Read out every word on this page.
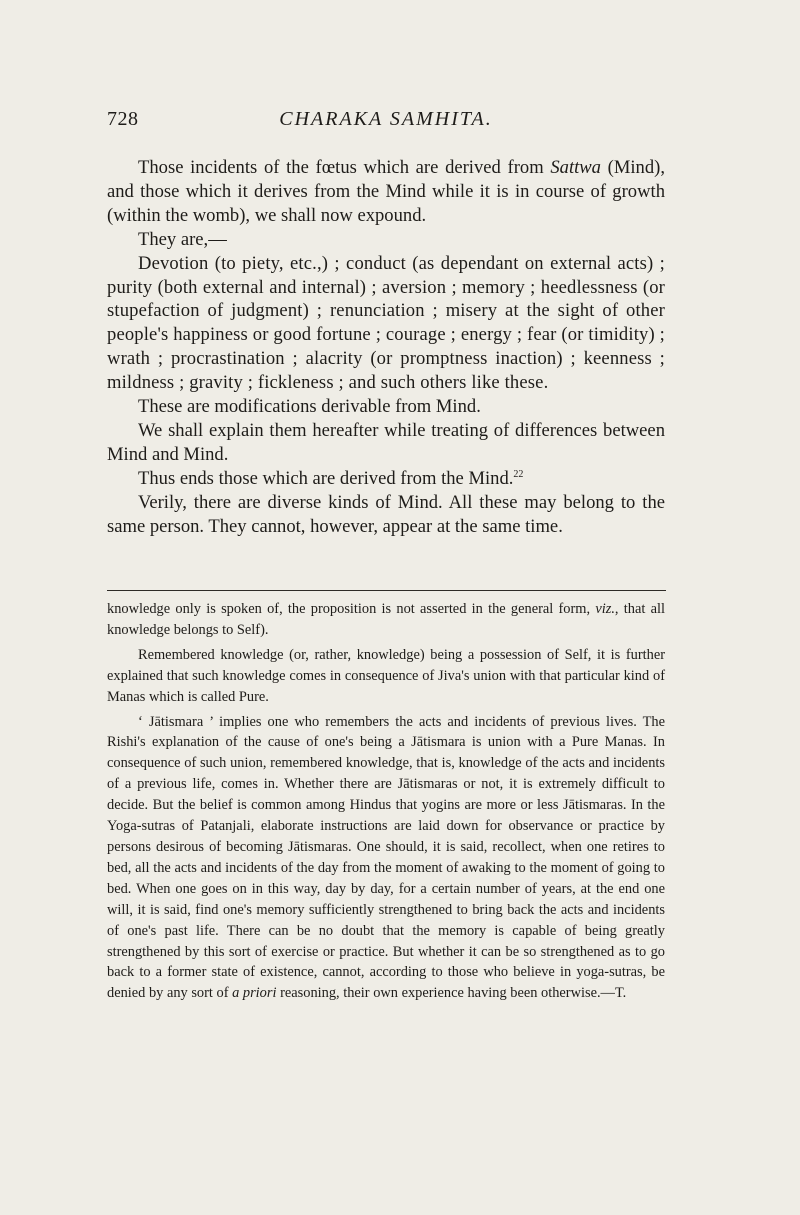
728	CHARAKA SAMHITA.

Those incidents of the fœtus which are derived from Sattwa (Mind), and those which it derives from the Mind while it is in course of growth (within the womb), we shall now expound.

They are,—

Devotion (to piety, etc.,) ; conduct (as dependant on external acts) ; purity (both external and internal) ; aversion ; memory ; heedlessness (or stupefaction of judgment) ; renunciation ; misery at the sight of other people's happiness or good fortune ; courage ; energy ; fear (or timidity) ; wrath ; procrastination ; alacrity (or promptness inaction) ; keenness ; mildness ; gravity ; fickleness ; and such others like these.

These are modifications derivable from Mind.

We shall explain them hereafter while treating of differences between Mind and Mind.

Thus ends those which are derived from the Mind.$^{22}$

Verily, there are diverse kinds of Mind. All these may belong to the same person. They cannot, however, appear at the same time.

knowledge only is spoken of, the proposition is not asserted in the general form, viz., that all knowledge belongs to Self).

Remembered knowledge (or, rather, knowledge) being a possession of Self, it is further explained that such knowledge comes in consequence of Jiva's union with that particular kind of Manas which is called Pure.

‘ Jātismara ’ implies one who remembers the acts and incidents of previous lives. The Rishi's explanation of the cause of one's being a Jātismara is union with a Pure Manas. In consequence of such union, remembered knowledge, that is, knowledge of the acts and incidents of a previous life, comes in. Whether there are Jātismaras or not, it is extremely difficult to decide. But the belief is common among Hindus that yogins are more or less Jātismaras. In the Yoga-sutras of Patanjali, elaborate instructions are laid down for observance or practice by persons desirous of becoming Jātismaras. One should, it is said, recollect, when one retires to bed, all the acts and incidents of the day from the moment of awaking to the moment of going to bed. When one goes on in this way, day by day, for a certain number of years, at the end one will, it is said, find one's memory sufficiently strengthened to bring back the acts and incidents of one's past life. There can be no doubt that the memory is capable of being greatly strengthened by this sort of exercise or practice. But whether it can be so strengthened as to go back to a former state of existence, cannot, according to those who believe in yoga-sutras, be denied by any sort of a priori reasoning, their own experience having been otherwise.—T.
